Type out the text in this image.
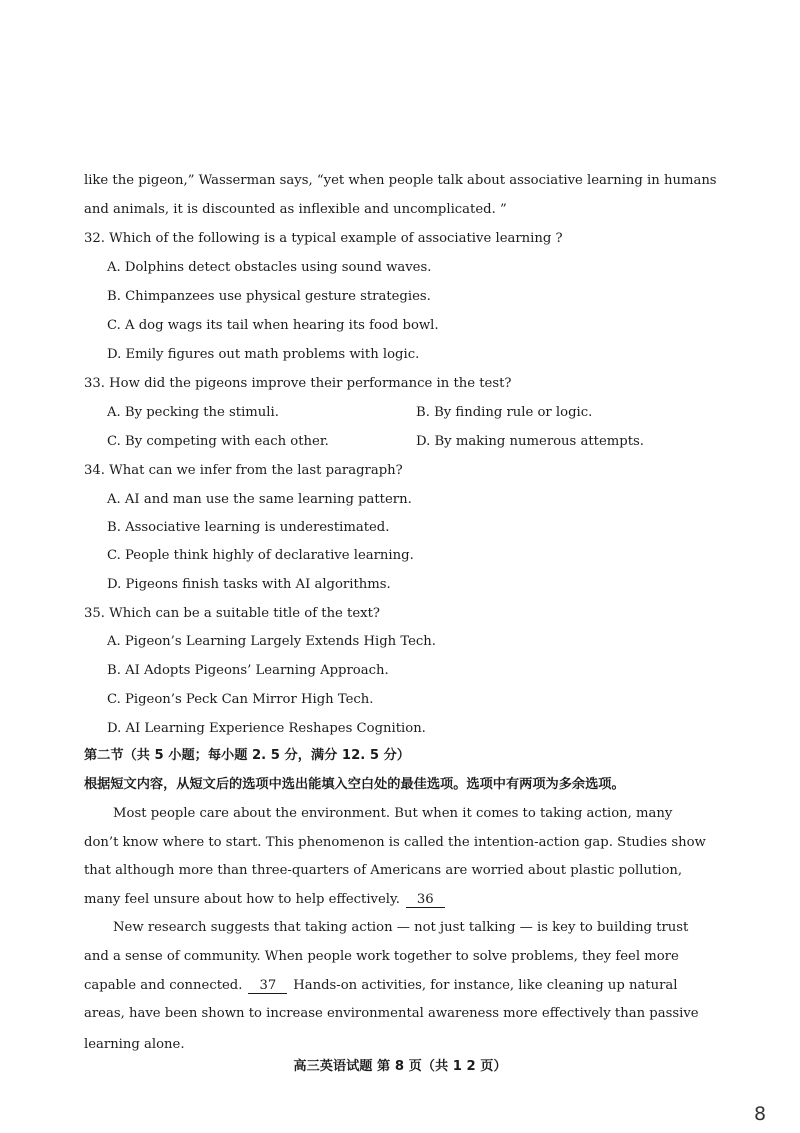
like the pigeon,” Wasserman says, “yet when people talk about associative learning in humans
and animals, it is discounted as inflexible and uncomplicated. ”
32. Which of the following is a typical example of associative learning ?
A. Dolphins detect obstacles using sound waves.
B. Chimpanzees use physical gesture strategies.
C. A dog wags its tail when hearing its food bowl.
D. Emily figures out math problems with logic.
33. How did the pigeons improve their performance in the test?
A. By pecking the stimuli.	B. By finding rule or logic.
C. By competing with each other.	D. By making numerous attempts.
34. What can we infer from the last paragraph?
A. AI and man use the same learning pattern.
B. Associative learning is underestimated.
C. People think highly of declarative learning.
D. Pigeons finish tasks with AI algorithms.
35. Which can be a suitable title of the text?
A. Pigeon’s Learning Largely Extends High Tech.
B. AI Adopts Pigeons’ Learning Approach.
C. Pigeon’s Peck Can Mirror High Tech.
D. AI Learning Experience Reshapes Cognition.
第二节（共 5 小题；每小题 2. 5 分，满分 12. 5 分）
根据短文内容，从短文后的选项中选出能填入空白处的最佳选项。选项中有两项为多余选项。
Most people care about the environment. But when it comes to taking action, many
don’t know where to start. This phenomenon is called the intention-action gap. Studies show
that although more than three-quarters of Americans are worried about plastic pollution,
many feel unsure about how to help effectively. 36
New research suggests that taking action — not just talking — is key to building trust
and a sense of community. When people work together to solve problems, they feel more
capable and connected. 37 Hands-on activities, for instance, like cleaning up natural
areas, have been shown to increase environmental awareness more effectively than passive
learning alone.
高三英语试题 第 8 页（共 1 2 页）
8
